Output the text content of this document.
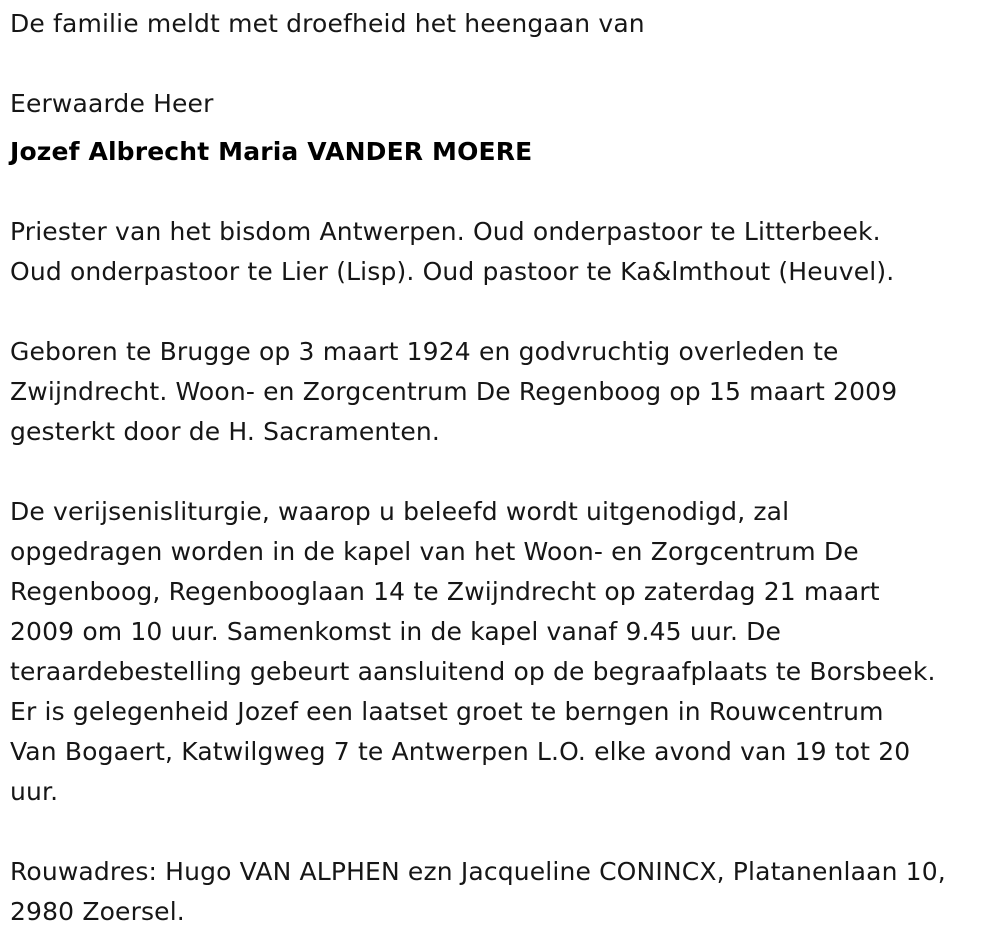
De familie meldt met droefheid het heengaan van
Eerwaarde Heer
Jozef Albrecht Maria VANDER MOERE
Priester van het bisdom Antwerpen. Oud onderpastoor te Litterbeek.
Oud onderpastoor te Lier (Lisp). Oud pastoor te Ka&lmthout (Heuvel).
Geboren te Brugge op 3 maart 1924 en godvruchtig overleden te
Zwijndrecht. Woon- en Zorgcentrum De Regenboog op 15 maart 2009
gesterkt door de H. Sacramenten.
De verijsenisliturgie, waarop u beleefd wordt uitgenodigd, zal
opgedragen worden in de kapel van het Woon- en Zorgcentrum De
Regenboog, Regenbooglaan 14 te Zwijndrecht op zaterdag 21 maart
2009 om 10 uur. Samenkomst in de kapel vanaf 9.45 uur. De
teraardebestelling gebeurt aansluitend op de begraafplaats te Borsbeek.
Er is gelegenheid Jozef een laatset groet te berngen in Rouwcentrum
Van Bogaert, Katwilgweg 7 te Antwerpen L.O. elke avond van 19 tot 20
uur.
Rouwadres: Hugo VAN ALPHEN ezn Jacqueline CONINCX, Platanenlaan 10,
2980 Zoersel.
